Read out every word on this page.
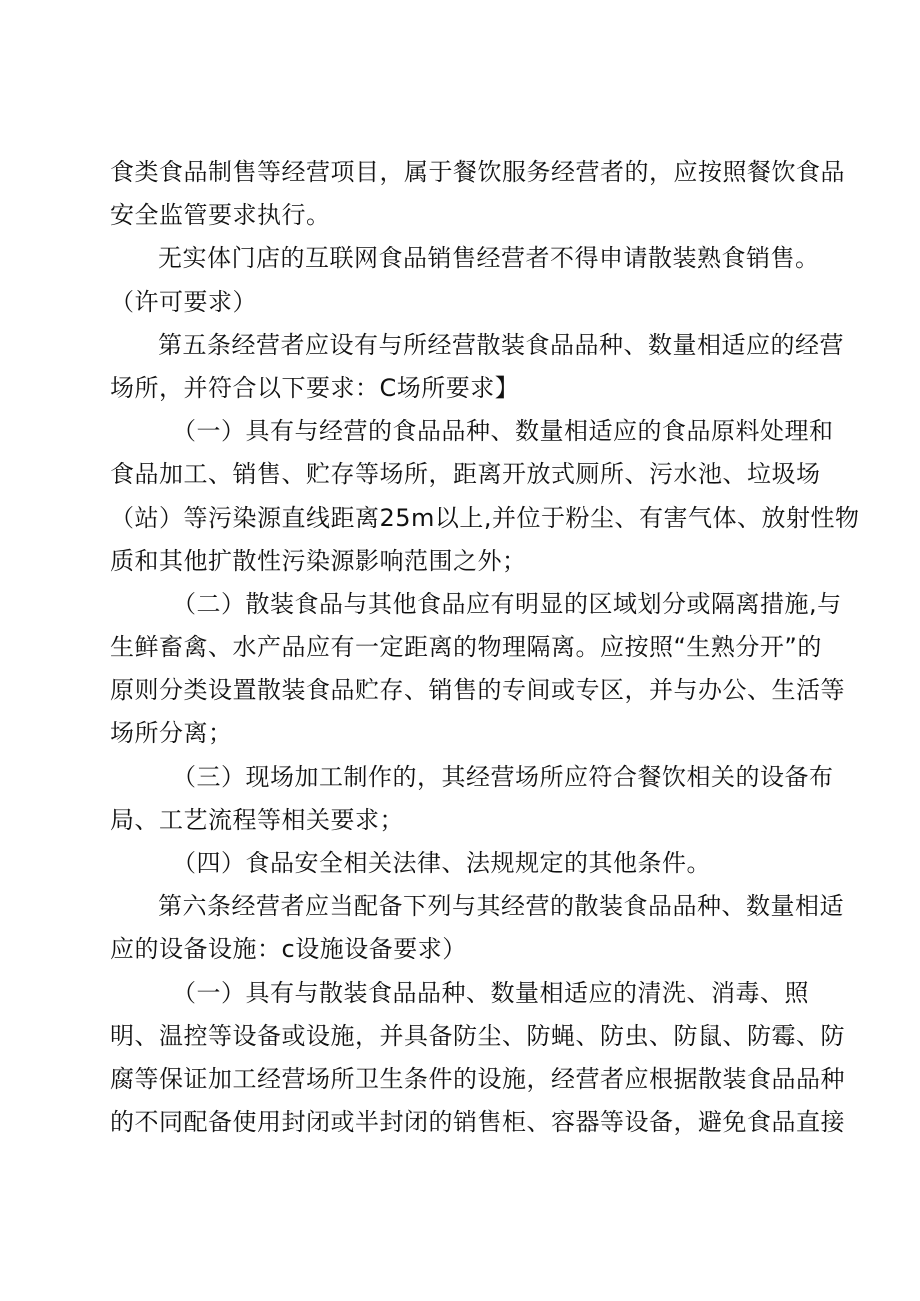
食类食品制售等经营项目，属于餐饮服务经营者的，应按照餐饮食品
安全监管要求执行。
无实体门店的互联网食品销售经营者不得申请散装熟食销售。
（许可要求）
第五条经营者应设有与所经营散装食品品种、数量相适应的经营
场所，并符合以下要求：C场所要求】
（一）具有与经营的食品品种、数量相适应的食品原料处理和
食品加工、销售、贮存等场所，距离开放式厕所、污水池、垃圾场
（站）等污染源直线距离25m以上,并位于粉尘、有害气体、放射性物
质和其他扩散性污染源影响范围之外；
（二）散装食品与其他食品应有明显的区域划分或隔离措施,与
生鲜畜禽、水产品应有一定距离的物理隔离。应按照“生熟分开”的
原则分类设置散装食品贮存、销售的专间或专区，并与办公、生活等
场所分离；
（三）现场加工制作的，其经营场所应符合餐饮相关的设备布
局、工艺流程等相关要求；
（四）食品安全相关法律、法规规定的其他条件。
第六条经营者应当配备下列与其经营的散装食品品种、数量相适
应的设备设施：c设施设备要求）
（一）具有与散装食品品种、数量相适应的清洗、消毒、照
明、温控等设备或设施，并具备防尘、防蝇、防虫、防鼠、防霉、防
腐等保证加工经营场所卫生条件的设施，经营者应根据散装食品品种
的不同配备使用封闭或半封闭的销售柜、容器等设备，避免食品直接
